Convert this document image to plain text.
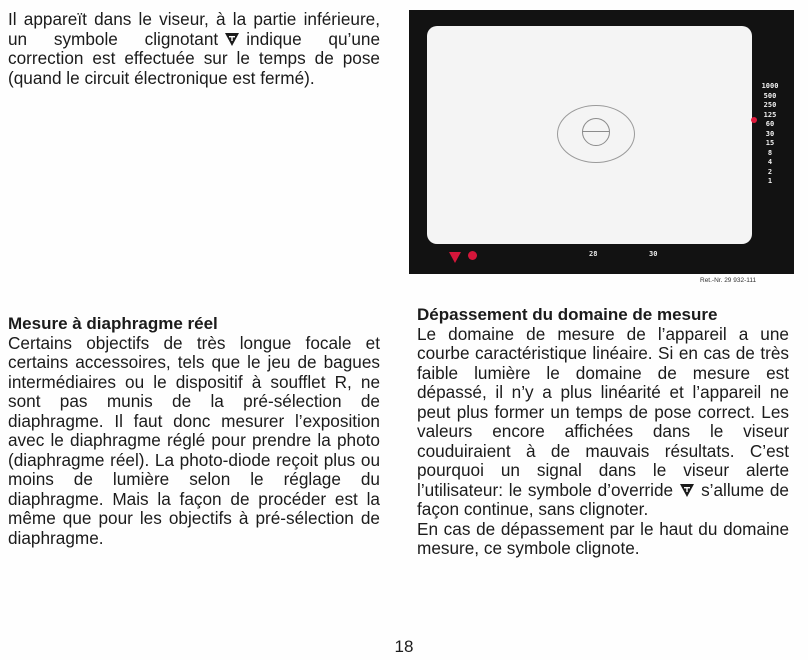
Il appareït dans le viseur, à la partie inférieure, un symbole clignotant indique qu’une correction est effectuée sur le temps de pose (quand le circuit électronique est fermé).	1000
500
250
125
60
30
15
8
4
2
1
28	30
Ret.-Nr. 29 932-111
Mesure à diaphragme réel

Certains objectifs de très longue focale et certains accessoires, tels que le jeu de bagues intermédiaires ou le dispositif à soufflet R, ne sont pas munis de la pré-sélection de diaphragme. Il faut donc mesurer l’exposition avec le diaphragme réglé pour prendre la photo (diaphragme réel). La photo-diode reçoit plus ou moins de lumière selon le réglage du diaphragme. Mais la façon de procéder est la même que pour les objectifs à pré-sélection de diaphragme.

Dépassement du domaine de mesure

Le domaine de mesure de l’appareil a une courbe caractéristique linéaire. Si en cas de très faible lumière le domaine de mesure est dépassé, il n’y a plus linéarité et l’appareil ne peut plus former un temps de pose correct. Les valeurs encore affichées dans le viseur couduiraient à de mauvais résultats. C’est pourquoi un signal dans le viseur alerte l’utilisateur: le symbole d’override s’allume de façon continue, sans clignoter.

En cas de dépassement par le haut du domaine mesure, ce symbole clignote.

18
